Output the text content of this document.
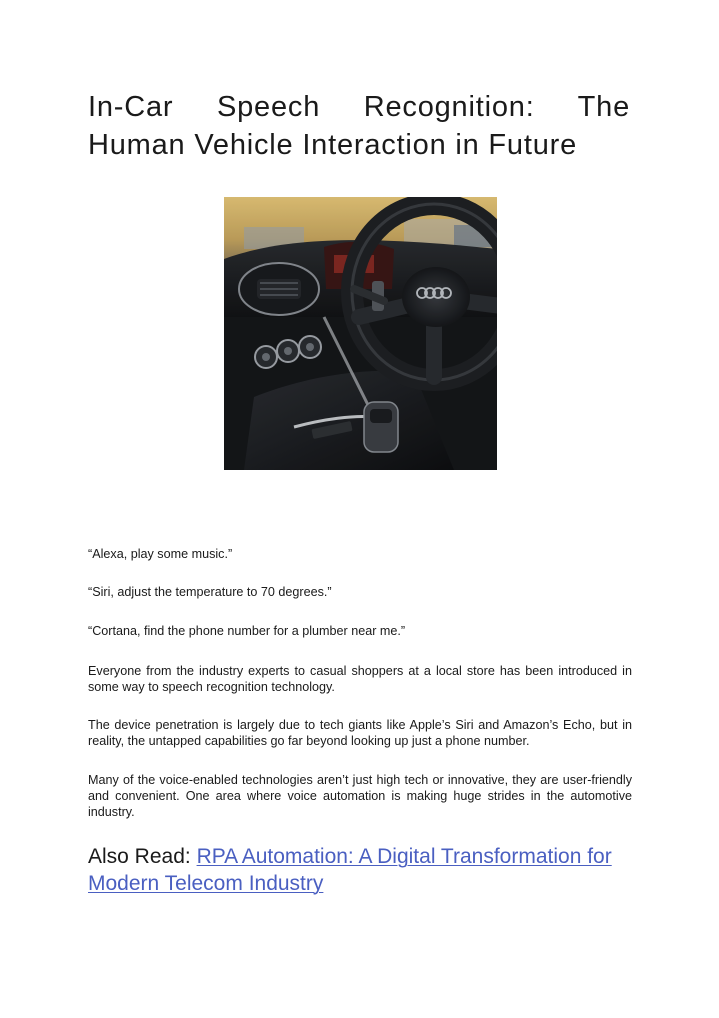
In-Car Speech Recognition: The Human Vehicle Interaction in Future

“Alexa, play some music.”

“Siri, adjust the temperature to 70 degrees.”

“Cortana, find the phone number for a plumber near me.”

Everyone from the industry experts to casual shoppers at a local store has been introduced in some way to speech recognition technology.

The device penetration is largely due to tech giants like Apple’s Siri and Amazon’s Echo, but in reality, the untapped capabilities go far beyond looking up just a phone number.

Many of the voice-enabled technologies aren’t just high tech or innovative, they are user-friendly and convenient. One area where voice automation is making huge strides in the automotive industry.

Also Read: RPA Automation: A Digital Transformation for Modern Telecom Industry
